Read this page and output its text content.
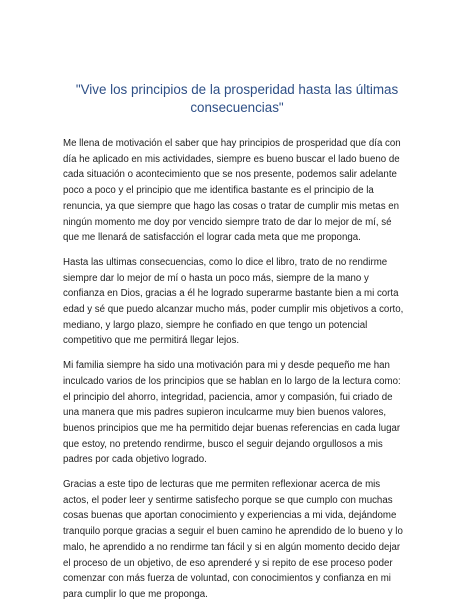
"Vive los principios de la prosperidad hasta las últimas consecuencias"

Me llena de motivación el saber que hay principios de prosperidad que día con día he aplicado en mis actividades, siempre es bueno buscar el lado bueno de cada situación o acontecimiento que se nos presente, podemos salir adelante poco a poco y el principio que me identifica bastante es el principio de la renuncia, ya que siempre que hago las cosas o tratar de cumplir mis metas en ningún momento me doy por vencido siempre trato de dar lo mejor de mí, sé que me llenará de satisfacción el lograr cada meta que me proponga.

Hasta las ultimas consecuencias, como lo dice el libro, trato de no rendirme siempre dar lo mejor de mí o hasta un poco más, siempre de la mano y confianza en Dios, gracias a él he logrado superarme bastante bien a mi corta edad y sé que puedo alcanzar mucho más, poder cumplir mis objetivos a corto, mediano, y largo plazo, siempre he confiado en que tengo un potencial competitivo que me permitirá llegar lejos.

Mi familia siempre ha sido una motivación para mi y desde pequeño me han inculcado varios de los principios que se hablan en lo largo de la lectura como: el principio del ahorro, integridad, paciencia, amor y compasión, fui criado de una manera que mis padres supieron inculcarme muy bien buenos valores, buenos principios que me ha permitido dejar buenas referencias en cada lugar que estoy, no pretendo rendirme, busco el seguir dejando orgullosos a mis padres por cada objetivo logrado.

Gracias a este tipo de lecturas que me permiten reflexionar acerca de mis actos, el poder leer y sentirme satisfecho porque se que cumplo con muchas cosas buenas que aportan conocimiento y experiencias a mi vida, dejándome tranquilo porque gracias a seguir el buen camino he aprendido de lo bueno y lo malo, he aprendido a no rendirme tan fácil y si en algún momento decido dejar el proceso de un objetivo, de eso aprenderé y si repito de ese proceso poder comenzar con más fuerza de voluntad, con conocimientos y confianza en mi para cumplir lo que me proponga.
